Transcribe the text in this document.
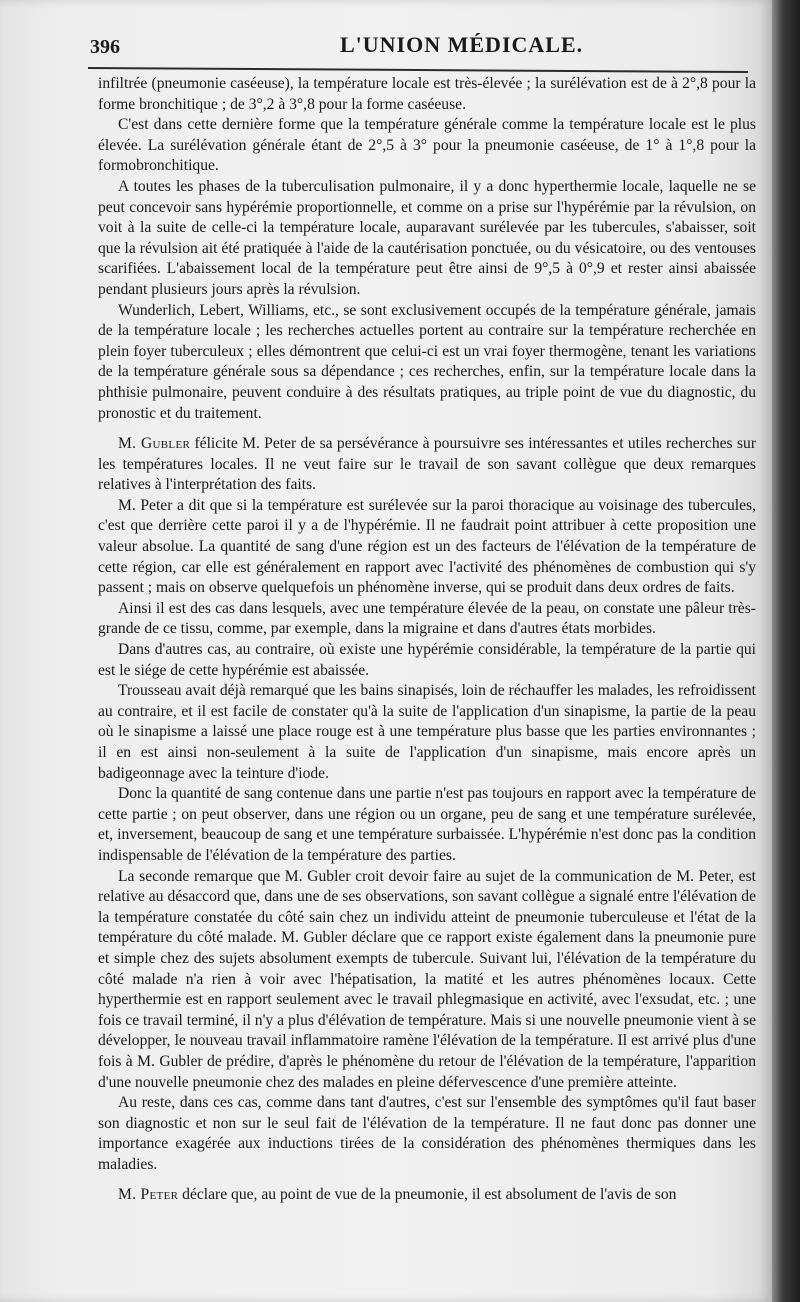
396	L'UNION MÉDICALE.

infiltrée (pneumonie caséeuse), la température locale est très-élevée ; la surélévation est de à 2°,8 pour la forme bronchitique ; de 3°,2 à 3°,8 pour la forme caséeuse.

C'est dans cette dernière forme que la température générale comme la température locale est le plus élevée. La surélévation générale étant de 2°,5 à 3° pour la pneumonie caséeuse, de 1° à 1°,8 pour la formobronchitique.

A toutes les phases de la tuberculisation pulmonaire, il y a donc hyperthermie locale, laquelle ne se peut concevoir sans hypérémie proportionnelle, et comme on a prise sur l'hypérémie par la révulsion, on voit à la suite de celle-ci la température locale, auparavant surélevée par les tubercules, s'abaisser, soit que la révulsion ait été pratiquée à l'aide de la cautérisation ponctuée, ou du vésicatoire, ou des ventouses scarifiées. L'abaissement local de la température peut être ainsi de 9°,5 à 0°,9 et rester ainsi abaissée pendant plusieurs jours après la révulsion.

Wunderlich, Lebert, Williams, etc., se sont exclusivement occupés de la température générale, jamais de la température locale ; les recherches actuelles portent au contraire sur la température recherchée en plein foyer tuberculeux ; elles démontrent que celui-ci est un vrai foyer thermogène, tenant les variations de la température générale sous sa dépendance ; ces recherches, enfin, sur la température locale dans la phthisie pulmonaire, peuvent conduire à des résultats pratiques, au triple point de vue du diagnostic, du pronostic et du traitement.

M. Gubler félicite M. Peter de sa persévérance à poursuivre ses intéressantes et utiles recherches sur les températures locales. Il ne veut faire sur le travail de son savant collègue que deux remarques relatives à l'interprétation des faits.

M. Peter a dit que si la température est surélevée sur la paroi thoracique au voisinage des tubercules, c'est que derrière cette paroi il y a de l'hypérémie. Il ne faudrait point attribuer à cette proposition une valeur absolue. La quantité de sang d'une région est un des facteurs de l'élévation de la température de cette région, car elle est généralement en rapport avec l'activité des phénomènes de combustion qui s'y passent ; mais on observe quelquefois un phénomène inverse, qui se produit dans deux ordres de faits.

Ainsi il est des cas dans lesquels, avec une température élevée de la peau, on constate une pâleur très-grande de ce tissu, comme, par exemple, dans la migraine et dans d'autres états morbides.

Dans d'autres cas, au contraire, où existe une hypérémie considérable, la température de la partie qui est le siége de cette hypérémie est abaissée.

Trousseau avait déjà remarqué que les bains sinapisés, loin de réchauffer les malades, les refroidissent au contraire, et il est facile de constater qu'à la suite de l'application d'un sinapisme, la partie de la peau où le sinapisme a laissé une place rouge est à une température plus basse que les parties environnantes ; il en est ainsi non-seulement à la suite de l'application d'un sinapisme, mais encore après un badigeonnage avec la teinture d'iode.

Donc la quantité de sang contenue dans une partie n'est pas toujours en rapport avec la température de cette partie ; on peut observer, dans une région ou un organe, peu de sang et une température surélevée, et, inversement, beaucoup de sang et une température surbaissée. L'hypérémie n'est donc pas la condition indispensable de l'élévation de la température des parties.

La seconde remarque que M. Gubler croit devoir faire au sujet de la communication de M. Peter, est relative au désaccord que, dans une de ses observations, son savant collègue a signalé entre l'élévation de la température constatée du côté sain chez un individu atteint de pneumonie tuberculeuse et l'état de la température du côté malade. M. Gubler déclare que ce rapport existe également dans la pneumonie pure et simple chez des sujets absolument exempts de tubercule. Suivant lui, l'élévation de la température du côté malade n'a rien à voir avec l'hépatisation, la matité et les autres phénomènes locaux. Cette hyperthermie est en rapport seulement avec le travail phlegmasique en activité, avec l'exsudat, etc. ; une fois ce travail terminé, il n'y a plus d'élévation de température. Mais si une nouvelle pneumonie vient à se développer, le nouveau travail inflammatoire ramène l'élévation de la température. Il est arrivé plus d'une fois à M. Gubler de prédire, d'après le phénomène du retour de l'élévation de la température, l'apparition d'une nouvelle pneumonie chez des malades en pleine défervescence d'une première atteinte.

Au reste, dans ces cas, comme dans tant d'autres, c'est sur l'ensemble des symptômes qu'il faut baser son diagnostic et non sur le seul fait de l'élévation de la température. Il ne faut donc pas donner une importance exagérée aux inductions tirées de la considération des phénomènes thermiques dans les maladies.

M. Peter déclare que, au point de vue de la pneumonie, il est absolument de l'avis de son
